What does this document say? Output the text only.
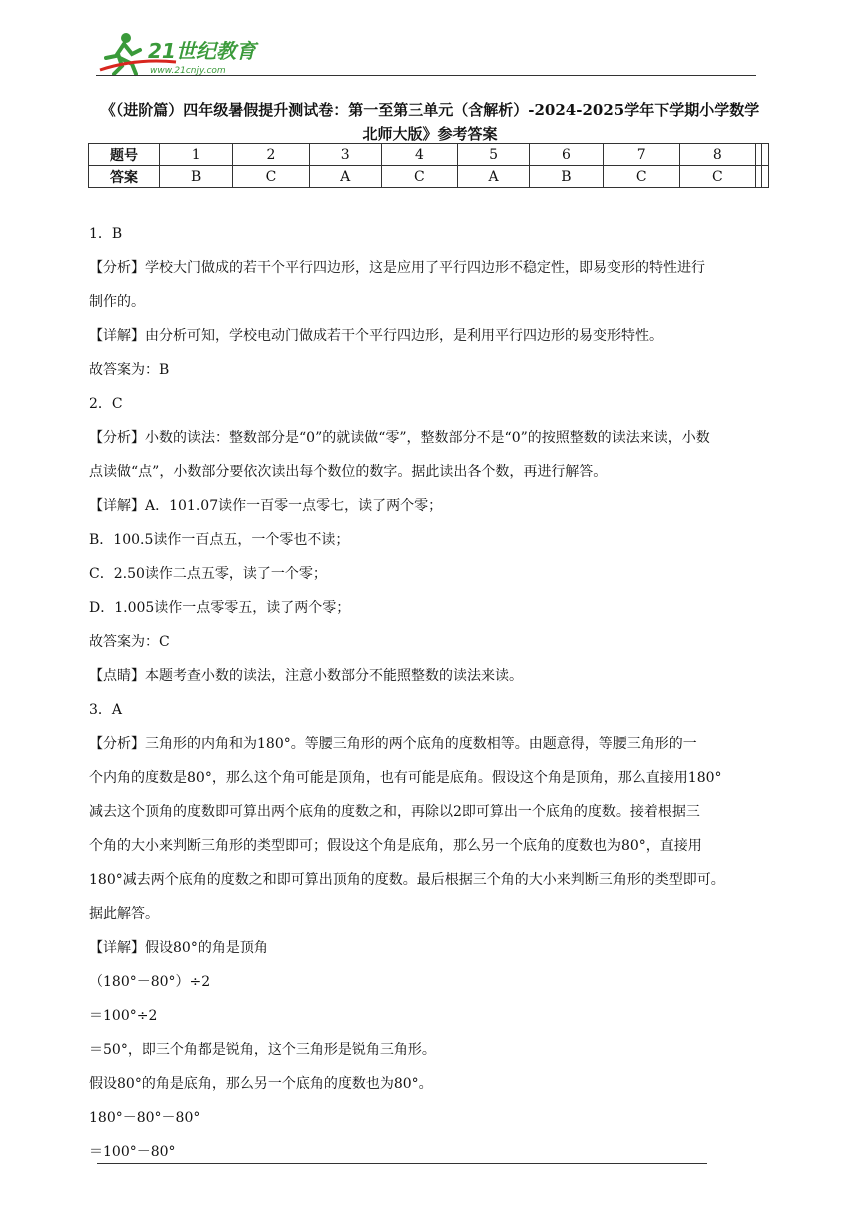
21世纪教育
www.21cnjy.com
《（进阶篇）四年级暑假提升测试卷：第一至第三单元（含解析）-2024-2025学年下学期小学数学
北师大版》参考答案
题号	1	2	3	4	5	6	7	8		
答案	B	C	A	C	A	B	C	C		
1．B
【分析】学校大门做成的若干个平行四边形，这是应用了平行四边形不稳定性，即易变形的特性进行
制作的。
【详解】由分析可知，学校电动门做成若干个平行四边形，是利用平行四边形的易变形特性。
故答案为：B
2．C
【分析】小数的读法：整数部分是“0”的就读做“零”，整数部分不是“0”的按照整数的读法来读，小数
点读做“点”，小数部分要依次读出每个数位的数字。据此读出各个数，再进行解答。
【详解】A．101.07读作一百零一点零七，读了两个零；
B．100.5读作一百点五，一个零也不读；
C．2.50读作二点五零，读了一个零；
D．1.005读作一点零零五，读了两个零；
故答案为：C
【点睛】本题考查小数的读法，注意小数部分不能照整数的读法来读。
3．A
【分析】三角形的内角和为180°。等腰三角形的两个底角的度数相等。由题意得，等腰三角形的一
个内角的度数是80°，那么这个角可能是顶角，也有可能是底角。假设这个角是顶角，那么直接用180°
减去这个顶角的度数即可算出两个底角的度数之和，再除以2即可算出一个底角的度数。接着根据三
个角的大小来判断三角形的类型即可；假设这个角是底角，那么另一个底角的度数也为80°，直接用
180°减去两个底角的度数之和即可算出顶角的度数。最后根据三个角的大小来判断三角形的类型即可。
据此解答。
【详解】假设80°的角是顶角
（180°－80°）÷2
＝100°÷2
＝50°，即三个角都是锐角，这个三角形是锐角三角形。
假设80°的角是底角，那么另一个底角的度数也为80°。
180°－80°－80°
＝100°－80°
